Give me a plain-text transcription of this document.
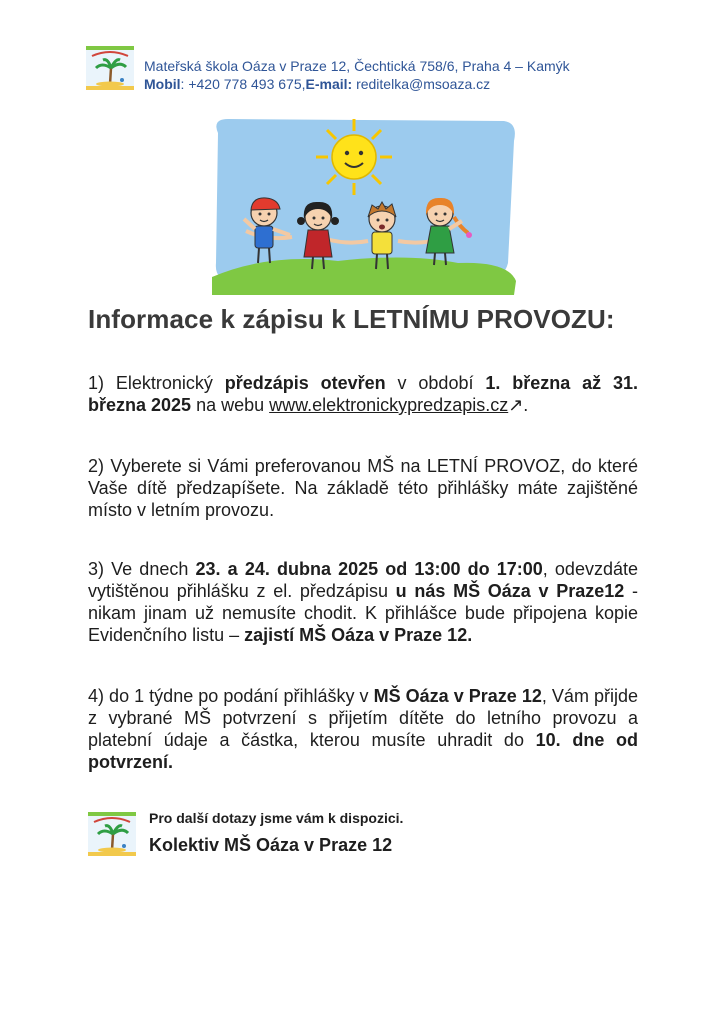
Mateřská škola Oáza v Praze 12, Čechtická 758/6, Praha 4 – Kamýk
Mobil: +420 778 493 675,E-mail: reditelka@msoaza.cz
Informace k zápisu k LETNÍMU PROVOZU:

1) Elektronický předzápis otevřen v období 1. března až 31. března 2025 na webu www.elektronickypredzapis.cz↗.

2) Vyberete si Vámi preferovanou MŠ na LETNÍ PROVOZ, do které Vaše dítě předzapíšete. Na základě této přihlášky máte zajištěné místo v letním provozu.

3) Ve dnech 23. a 24. dubna 2025 od 13:00 do 17:00, odevzdáte vytištěnou přihlášku z el. předzápisu u nás MŠ Oáza v Praze12 - nikam jinam už nemusíte chodit. K přihlášce bude připojena kopie Evidenčního listu – zajistí MŠ Oáza v Praze 12.

4) do 1 týdne po podání přihlášky v MŠ Oáza v Praze 12, Vám přijde z vybrané MŠ potvrzení s přijetím dítěte do letního provozu a platební údaje a částka, kterou musíte uhradit do 10. dne od potvrzení.

Pro další dotazy jsme vám k dispozici.
Kolektiv MŠ Oáza v Praze 12
